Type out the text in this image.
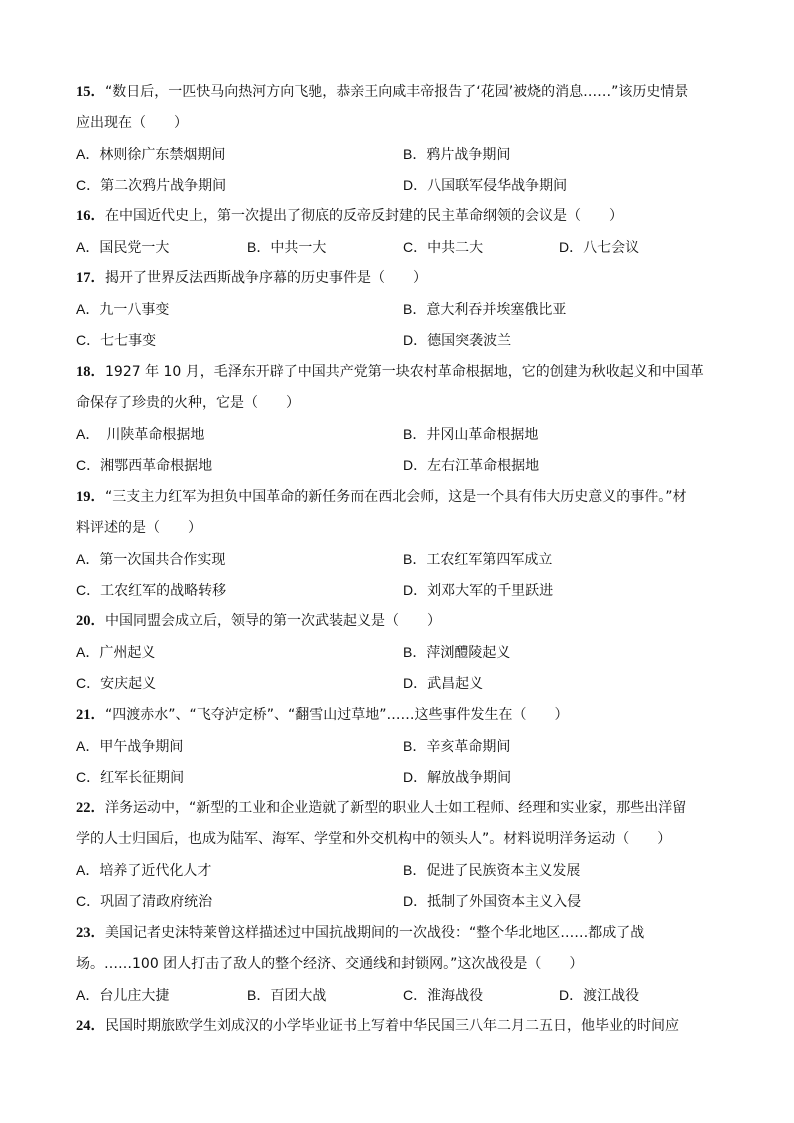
15．“数日后，一匹快马向热河方向飞驰，恭亲王向咸丰帝报告了‘花园’被烧的消息……”该历史情景
应出现在（　　）
A．林则徐广东禁烟期间	B．鸦片战争期间
C．第二次鸦片战争期间	D．八国联军侵华战争期间
16．在中国近代史上，第一次提出了彻底的反帝反封建的民主革命纲领的会议是（　　）
A．国民党一大	B．中共一大	C．中共二大	D．八七会议
17．揭开了世界反法西斯战争序幕的历史事件是（　　）
A．九一八事变	B．意大利吞并埃塞俄比亚
C．七七事变	D．德国突袭波兰
18．1927 年 10 月，毛泽东开辟了中国共产党第一块农村革命根据地，它的创建为秋收起义和中国革
命保存了珍贵的火种，它是（　　）
A．　川陕革命根据地	B．井冈山革命根据地
C．湘鄂西革命根据地	D．左右江革命根据地
19．“三支主力红军为担负中国革命的新任务而在西北会师，这是一个具有伟大历史意义的事件。”材
料评述的是（　　）
A．第一次国共合作实现	B．工农红军第四军成立
C．工农红军的战略转移	D．刘邓大军的千里跃进
20．中国同盟会成立后，领导的第一次武装起义是（　　）
A．广州起义	B．萍浏醴陵起义
C．安庆起义	D．武昌起义
21．“四渡赤水”、“飞夺泸定桥”、“翻雪山过草地”……这些事件发生在（　　）
A．甲午战争期间	B．辛亥革命期间
C．红军长征期间	D．解放战争期间
22．洋务运动中，“新型的工业和企业造就了新型的职业人士如工程师、经理和实业家，那些出洋留
学的人士归国后，也成为陆军、海军、学堂和外交机构中的领头人”。材料说明洋务运动（　　）
A．培养了近代化人才	B．促进了民族资本主义发展
C．巩固了清政府统治	D．抵制了外国资本主义入侵
23．美国记者史沫特莱曾这样描述过中国抗战期间的一次战役：“整个华北地区……都成了战
场。……100 团人打击了敌人的整个经济、交通线和封锁网。”这次战役是（　　）
A．台儿庄大捷	B．百团大战	C．淮海战役	D．渡江战役
24．民国时期旅欧学生刘成汉的小学毕业证书上写着中华民国三八年二月二五日，他毕业的时间应
